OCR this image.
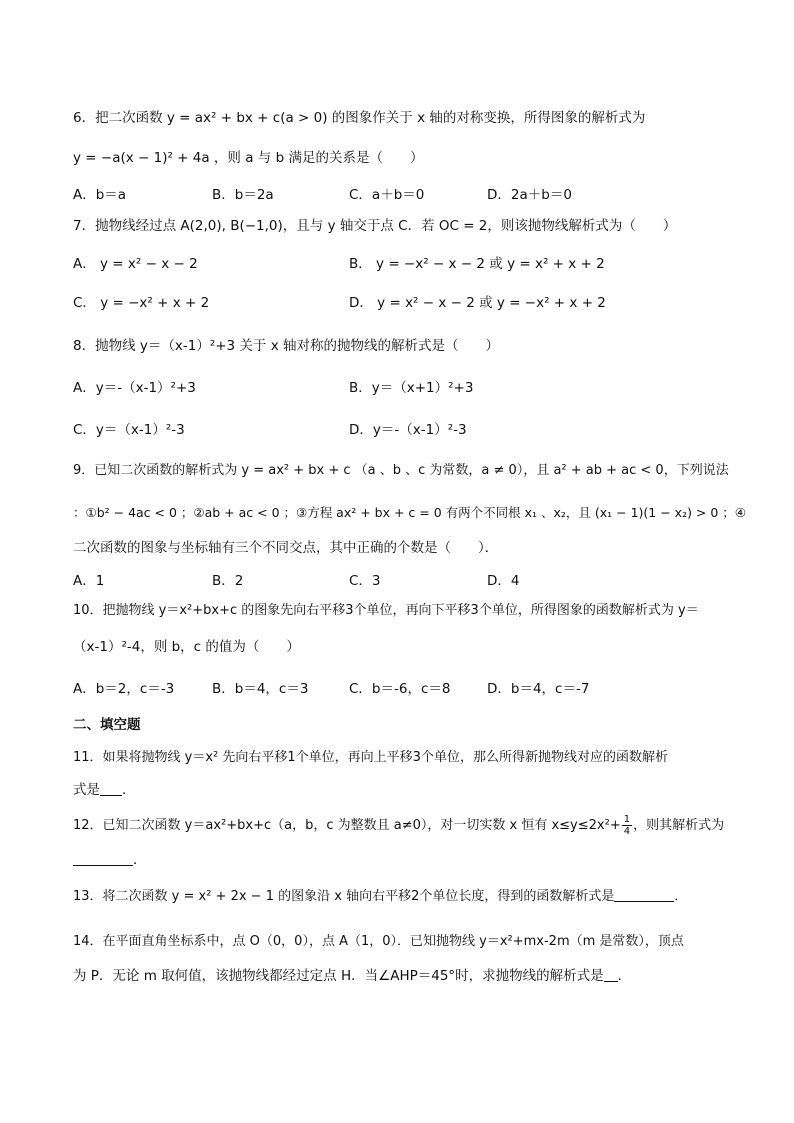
6．把二次函数 y = ax² + bx + c(a > 0) 的图象作关于 x 轴的对称变换，所得图象的解析式为
y = −a(x − 1)² + 4a ，则 a 与 b 满足的关系是（　　）
A．b＝a	B．b＝2a	C．a＋b＝0	D．2a＋b＝0
7．抛物线经过点 A(2,0), B(−1,0)，且与 y 轴交于点 C．若 OC = 2，则该抛物线解析式为（　　）
A． y = x² − x − 2	B． y = −x² − x − 2 或 y = x² + x + 2
C． y = −x² + x + 2	D． y = x² − x − 2 或 y = −x² + x + 2
8．抛物线 y＝（x-1）²+3 关于 x 轴对称的抛物线的解析式是（　　）
A．y＝-（x-1）²+3	B．y＝（x+1）²+3
C．y＝（x-1）²-3	D．y＝-（x-1）²-3
9．已知二次函数的解析式为 y = ax² + bx + c （a 、b 、c 为常数，a ≠ 0），且 a² + ab + ac < 0，下列说法
：①b² − 4ac < 0 ；②ab + ac < 0 ；③方程 ax² + bx + c = 0 有两个不同根 x₁ 、x₂，且 (x₁ − 1)(1 − x₂) > 0 ；④
二次函数的图象与坐标轴有三个不同交点，其中正确的个数是（　　）．
A．1	B．2	C．3	D．4
10．把抛物线 y＝x²+bx+c 的图象先向右平移3个单位，再向下平移3个单位，所得图象的函数解析式为 y＝
（x-1）²-4，则 b，c 的值为（　　）
A．b＝2，c＝-3	B．b＝4，c＝3	C．b＝-6，c＝8	D．b＝4，c＝-7
二、填空题
11．如果将抛物线 y＝x² 先向右平移1个单位，再向上平移3个单位，那么所得新抛物线对应的函数解析
式是 ．
12．已知二次函数 y＝ax²+bx+c（a，b，c 为整数且 a≠0），对一切实数 x 恒有 $x\le y\le 2x^2+ \frac{1}{4}$ ，则其解析式为
．
13．将二次函数 y = x² + 2x − 1 的图象沿 x 轴向右平移2个单位长度，得到的函数解析式是	．
14．在平面直角坐标系中，点 O（0，0），点 A（1，0）．已知抛物线 y＝x²+mx-2m（m 是常数），顶点
为 P．无论 m 取何值，该抛物线都经过定点 H．当∠AHP＝45°时，求抛物线的解析式是 ．
